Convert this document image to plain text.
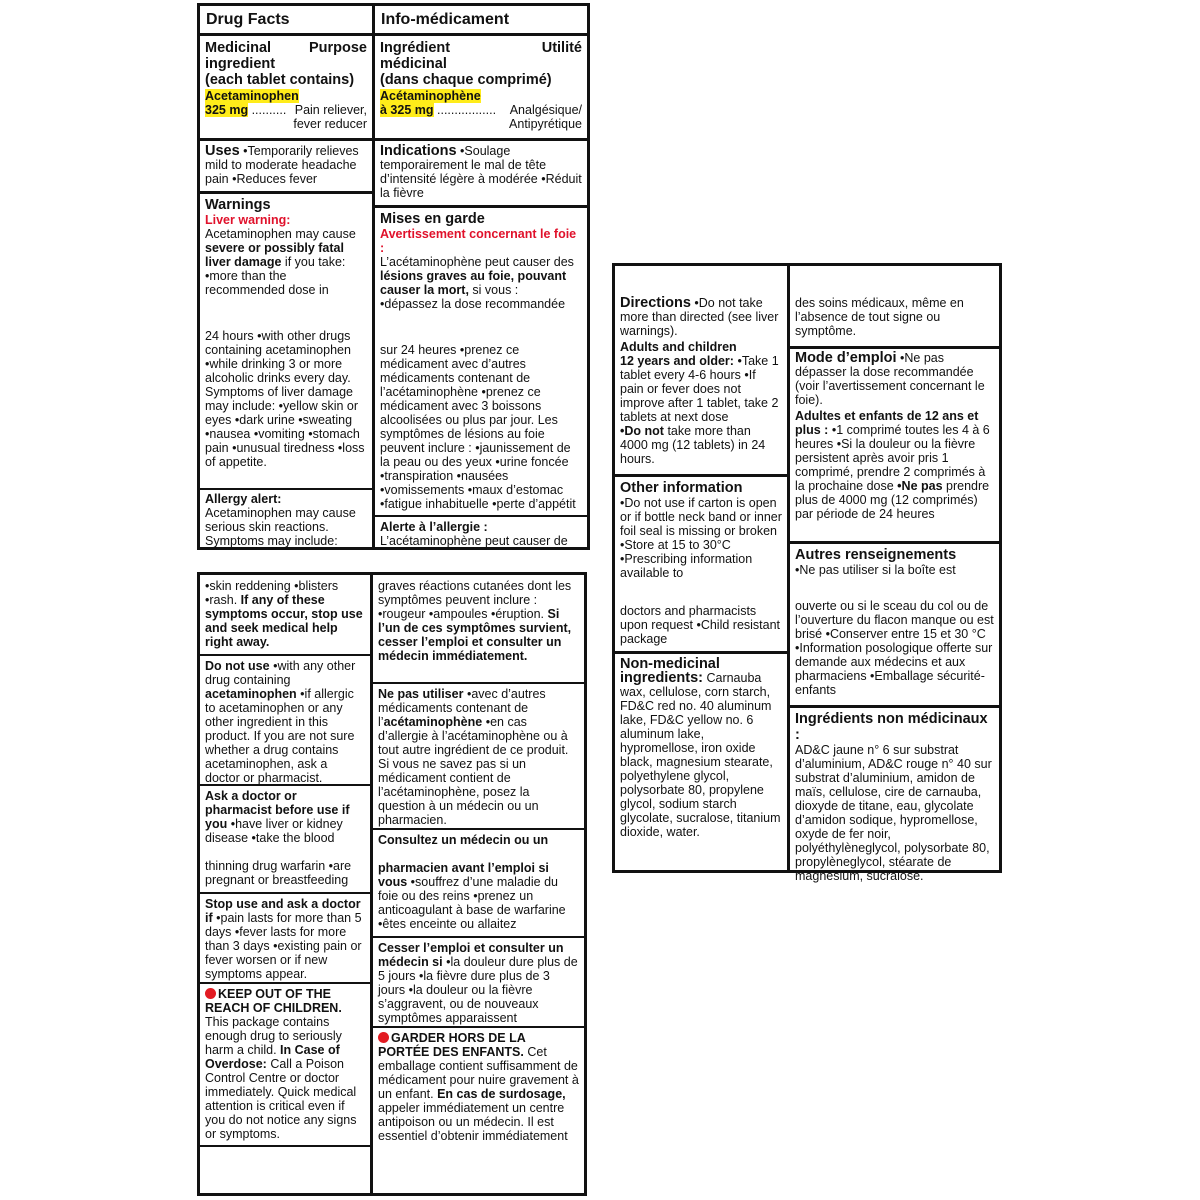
Drug Facts
Medicinal ingredient
Purpose
(each tablet contains)
Acetaminophen
325 mg .......... Pain reliever,
fever reducer
Uses •Temporarily relieves mild to moderate headache pain •Reduces fever
Warnings
Liver warning:
Acetaminophen may cause severe or possibly fatal liver damage if you take:
•more than the recommended dose in
24 hours •with other drugs containing acetaminophen •while drinking 3 or more alcoholic drinks every day. Symptoms of liver damage may include: •yellow skin or eyes •dark urine •sweating •nausea •vomiting •stomach pain •unusual tiredness •loss of appetite.
Allergy alert:
Acetaminophen may cause serious skin reactions. Symptoms may include:
Info-médicament
Ingrédient médicinal
Utilité
(dans chaque comprimé)
Acétaminophène
à 325 mg ................. Analgésique/
Antipyrétique
Indications •Soulage temporairement le mal de tête d’intensité légère à modérée •Réduit la fièvre
Mises en garde
Avertissement concernant le foie :
L’acétaminophène peut causer des lésions graves au foie, pouvant causer la mort, si vous :
•dépassez la dose recommandée
sur 24 heures •prenez ce médicament avec d’autres médicaments contenant de l’acétaminophène •prenez ce médicament avec 3 boissons alcoolisées ou plus par jour. Les symptômes de lésions au foie peuvent inclure : •jaunissement de la peau ou des yeux •urine foncée •transpiration •nausées •vomissements •maux d’estomac •fatigue inhabituelle •perte d’appétit
Alerte à l’allergie :
L’acétaminophène peut causer de
•skin reddening •blisters •rash. If any of these symptoms occur, stop use and seek medical help right away.
Do not use •with any other drug containing acetaminophen •if allergic to acetaminophen or any other ingredient in this product. If you are not sure whether a drug contains acetaminophen, ask a doctor or pharmacist.
Ask a doctor or pharmacist before use if you •have liver or kidney disease •take the blood
thinning drug warfarin •are pregnant or breastfeeding
Stop use and ask a doctor if •pain lasts for more than 5 days •fever lasts for more than 3 days •existing pain or fever worsen or if new symptoms appear.
KEEP OUT OF THE REACH OF CHILDREN. This package contains enough drug to seriously harm a child. In Case of Overdose: Call a Poison Control Centre or doctor immediately. Quick medical attention is critical even if you do not notice any signs or symptoms.
graves réactions cutanées dont les symptômes peuvent inclure : •rougeur •ampoules •éruption. Si l’un de ces symptômes survient, cesser l’emploi et consulter un médecin immédiatement.
Ne pas utiliser •avec d’autres médicaments contenant de l’acétaminophène •en cas d’allergie à l’acétaminophène ou à tout autre ingrédient de ce produit. Si vous ne savez pas si un médicament contient de l’acétaminophène, posez la question à un médecin ou un pharmacien.
Consultez un médecin ou un
pharmacien avant l’emploi si vous •souffrez d’une maladie du foie ou des reins •prenez un anticoagulant à base de warfarine •êtes enceinte ou allaitez
Cesser l’emploi et consulter un médecin si •la douleur dure plus de 5 jours •la fièvre dure plus de 3 jours •la douleur ou la fièvre s’aggravent, ou de nouveaux symptômes apparaissent
GARDER HORS DE LA PORTÉE DES ENFANTS. Cet emballage contient suffisamment de médicament pour nuire gravement à un enfant. En cas de surdosage, appeler immédiatement un centre antipoison ou un médecin. Il est essentiel d’obtenir immédiatement
Directions •Do not take more than directed (see liver warnings).
Adults and children
12 years and older: •Take 1 tablet every 4-6 hours •If pain or fever does not improve after 1 tablet, take 2 tablets at next dose
•Do not take more than 4000 mg (12 tablets) in 24 hours.
Other information
•Do not use if carton is open or if bottle neck band or inner foil seal is missing or broken •Store at 15 to 30°C •Prescribing information available to
doctors and pharmacists upon request •Child resistant package
Non-medicinal ingredients: Carnauba wax, cellulose, corn starch, FD&C red no. 40 aluminum lake, FD&C yellow no. 6 aluminum lake, hypromellose, iron oxide black, magnesium stearate, polyethylene glycol, polysorbate 80, propylene glycol, sodium starch glycolate, sucralose, titanium dioxide, water.
des soins médicaux, même en l’absence de tout signe ou symptôme.
Mode d’emploi •Ne pas dépasser la dose recommandée (voir l’avertissement concernant le foie).
Adultes et enfants de 12 ans et plus : •1 comprimé toutes les 4 à 6 heures •Si la douleur ou la fièvre persistent après avoir pris 1 comprimé, prendre 2 comprimés à la prochaine dose •Ne pas prendre plus de 4000 mg (12 comprimés) par période de 24 heures
Autres renseignements
•Ne pas utiliser si la boîte est
ouverte ou si le sceau du col ou de l’ouverture du flacon manque ou est brisé •Conserver entre 15 et 30 °C •Information posologique offerte sur demande aux médecins et aux pharmaciens •Emballage sécurité-enfants
Ingrédients non médicinaux :
AD&C jaune n° 6 sur substrat d’aluminium, AD&C rouge n° 40 sur substrat d’aluminium, amidon de maïs, cellulose, cire de carnauba, dioxyde de titane, eau, glycolate d’amidon sodique, hypromellose, oxyde de fer noir, polyéthylèneglycol, polysorbate 80, propylèneglycol, stéarate de magnésium, sucralose.
